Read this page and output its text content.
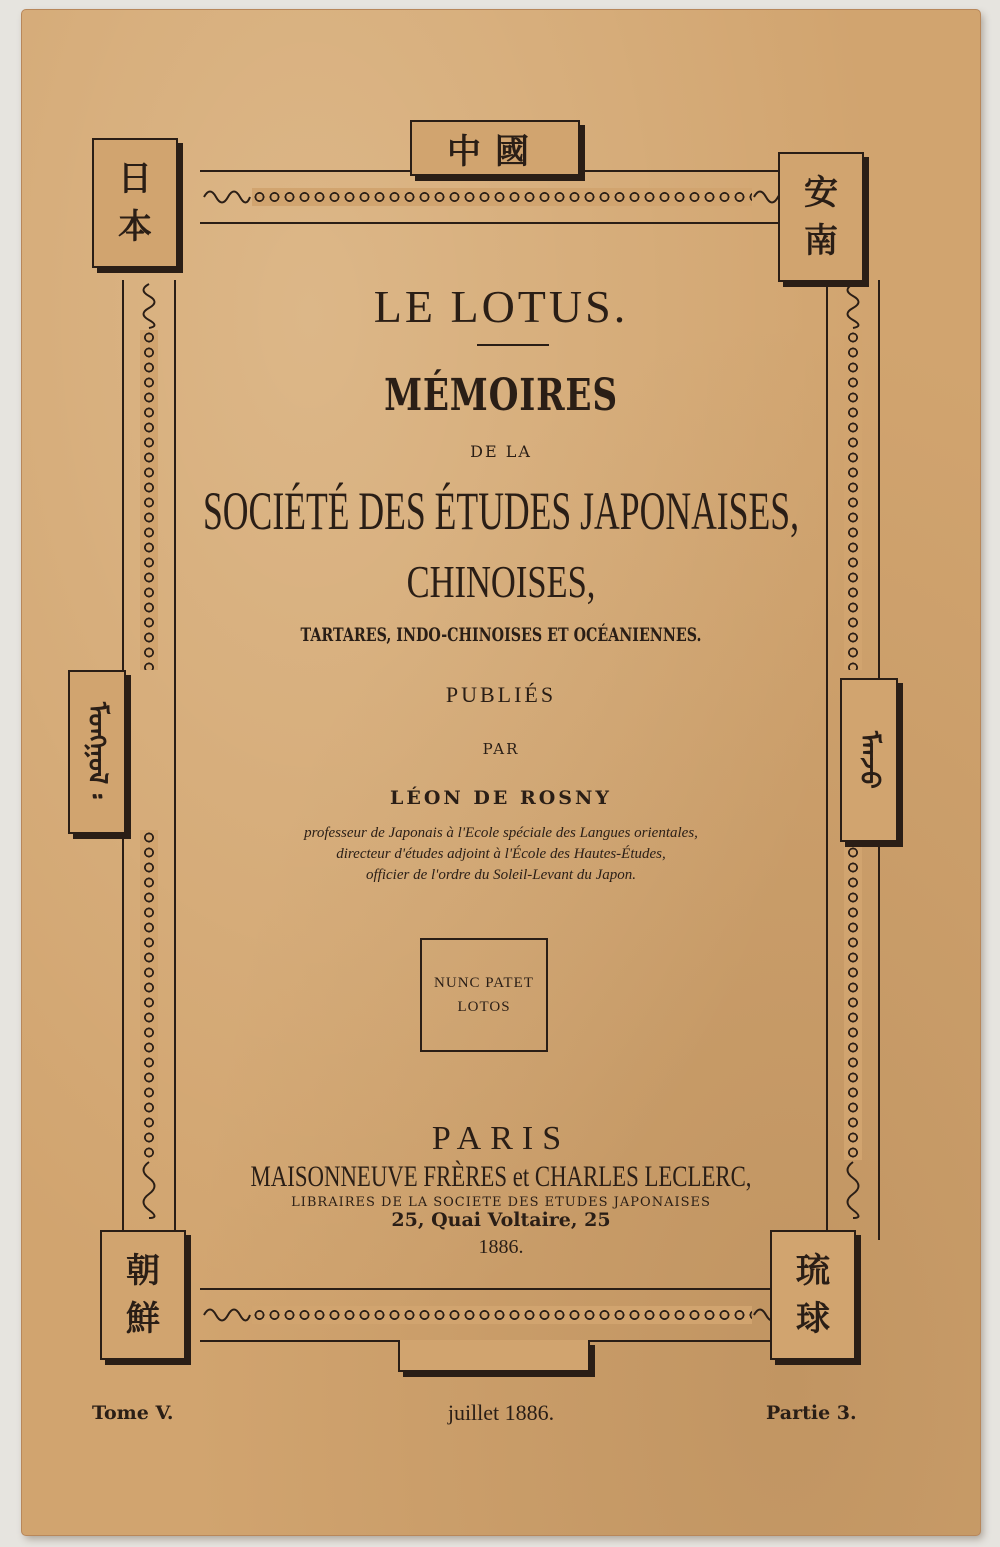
中國
日
本
安
南
朝
鮮
琉
球
ᠮᠣᠩᠭᠣᠯ ፡	ᠮᠠᠨᠵᠤ
LE LOTUS.
MÉMOIRES
DE LA
SOCIÉTÉ DES ÉTUDES JAPONAISES,
CHINOISES,
TARTARES, INDO-CHINOISES ET OCÉANIENNES.
PUBLIÉS
PAR
LÉON DE ROSNY
professeur de Japonais à l'Ecole spéciale des Langues orientales,
directeur d'études adjoint à l'École des Hautes-Études,
officier de l'ordre du Soleil-Levant du Japon.
NUNC PATET
LOTOS
PARIS
MAISONNEUVE FRÈRES et CHARLES LECLERC,
LIBRAIRES DE LA SOCIETE DES ETUDES JAPONAISES
25, Quai Voltaire, 25
1886.
Tome V.	juillet 1886.	Partie 3.
